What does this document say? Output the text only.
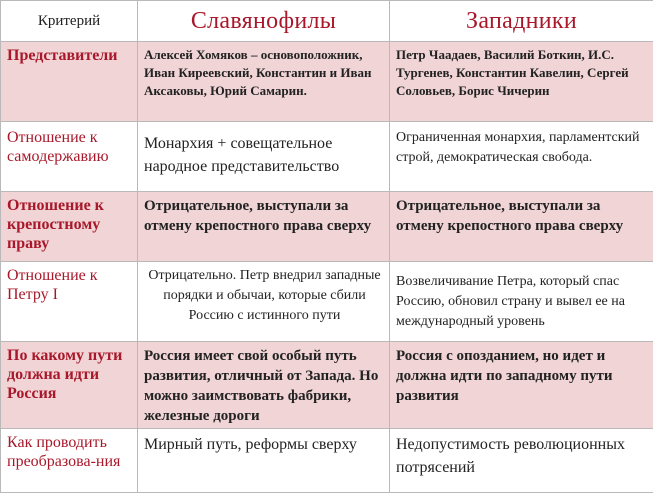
Критерий	Славянофилы	Западники
Представители	Алексей Хомяков – основоположник, Иван Киреевский, Константин и Иван Аксаковы, Юрий Самарин.	Петр Чаадаев, Василий Боткин, И.С. Тургенев, Константин Кавелин, Сергей Соловьев, Борис Чичерин
Отношение к самодержавию	Монархия + совещательное народное представительство	Ограниченная монархия, парламентский строй, демократическая свобода.
Отношение к крепостному праву	Отрицательное, выступали за отмену крепостного права сверху	Отрицательное, выступали за отмену крепостного права сверху
Отношение к Петру I	Отрицательно. Петр внедрил западные порядки и обычаи, которые сбили Россию с истинного пути	Возвеличивание Петра, который спас Россию, обновил страну и вывел ее на международный уровень
По какому пути должна идти Россия	Россия имеет свой особый путь развития, отличный от Запада. Но можно заимствовать фабрики, железные дороги	Россия с опозданием, но идет и должна идти по западному пути развития
Как проводить преобразова-ния	Мирный путь, реформы сверху	Недопустимость революционных потрясений
